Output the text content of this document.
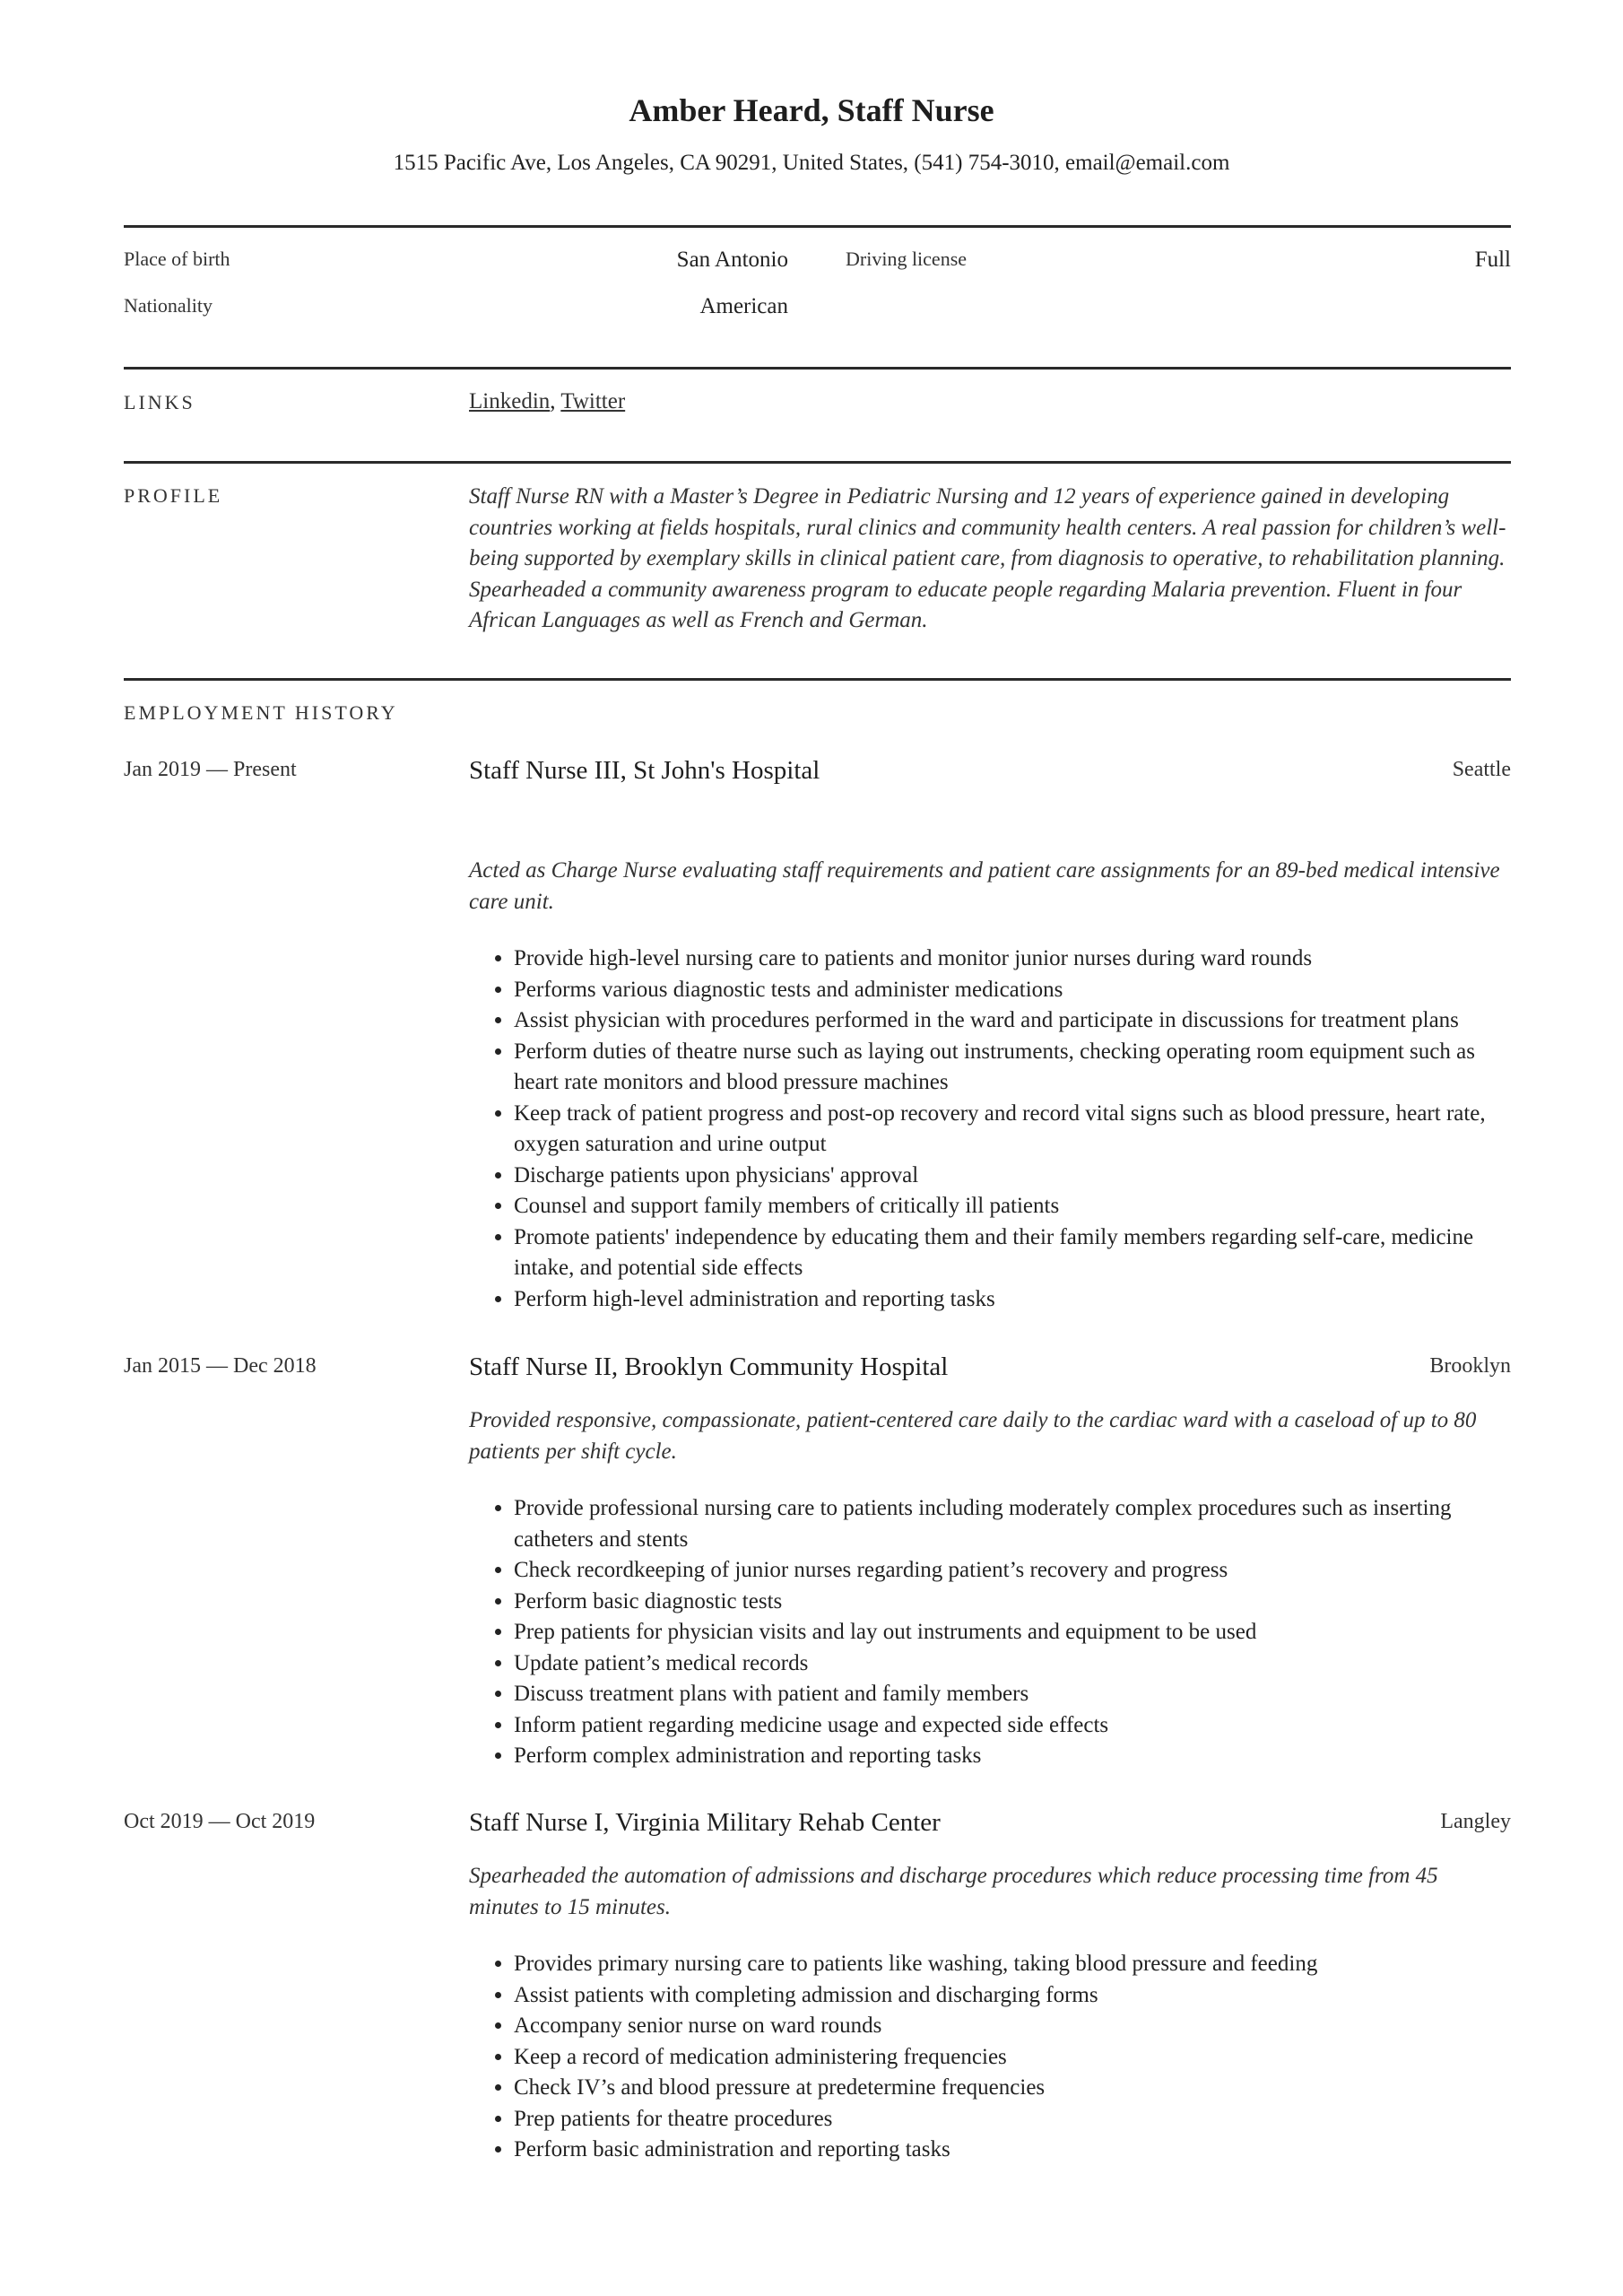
Amber Heard, Staff Nurse
1515 Pacific Ave, Los Angeles, CA 90291, United States, (541) 754-3010, email@email.com
Place of birth	San Antonio	Driving license	Full
Nationality	American
LINKS	Linkedin, Twitter
PROFILE	Staff Nurse RN with a Master’s Degree in Pediatric Nursing and 12 years of experience gained in developing countries working at fields hospitals, rural clinics and community health centers. A real passion for children’s well-being supported by exemplary skills in clinical patient care, from diagnosis to operative, to rehabilitation planning. Spearheaded a community awareness program to educate people regarding Malaria prevention. Fluent in four African Languages as well as French and German.
EMPLOYMENT HISTORY
Jan 2019 — Present	Staff Nurse III, St John's Hospital	Seattle
Acted as Charge Nurse evaluating staff requirements and patient care assignments for an 89-bed medical intensive care unit.
• Provide high-level nursing care to patients and monitor junior nurses during ward rounds
• Performs various diagnostic tests and administer medications
• Assist physician with procedures performed in the ward and participate in discussions for treatment plans
• Perform duties of theatre nurse such as laying out instruments, checking operating room equipment such as heart rate monitors and blood pressure machines
• Keep track of patient progress and post-op recovery and record vital signs such as blood pressure, heart rate, oxygen saturation and urine output
• Discharge patients upon physicians' approval
• Counsel and support family members of critically ill patients
• Promote patients' independence by educating them and their family members regarding self-care, medicine intake, and potential side effects
• Perform high-level administration and reporting tasks
Jan 2015 — Dec 2018	Staff Nurse II, Brooklyn Community Hospital	Brooklyn
Provided responsive, compassionate, patient-centered care daily to the cardiac ward with a caseload of up to 80 patients per shift cycle.
• Provide professional nursing care to patients including moderately complex procedures such as inserting catheters and stents
• Check recordkeeping of junior nurses regarding patient’s recovery and progress
• Perform basic diagnostic tests
• Prep patients for physician visits and lay out instruments and equipment to be used
• Update patient’s medical records
• Discuss treatment plans with patient and family members
• Inform patient regarding medicine usage and expected side effects
• Perform complex administration and reporting tasks
Oct 2019 — Oct 2019	Staff Nurse I, Virginia Military Rehab Center	Langley
Spearheaded the automation of admissions and discharge procedures which reduce processing time from 45 minutes to 15 minutes.
• Provides primary nursing care to patients like washing, taking blood pressure and feeding
• Assist patients with completing admission and discharging forms
• Accompany senior nurse on ward rounds
• Keep a record of medication administering frequencies
• Check IV’s and blood pressure at predetermine frequencies
• Prep patients for theatre procedures
• Perform basic administration and reporting tasks
